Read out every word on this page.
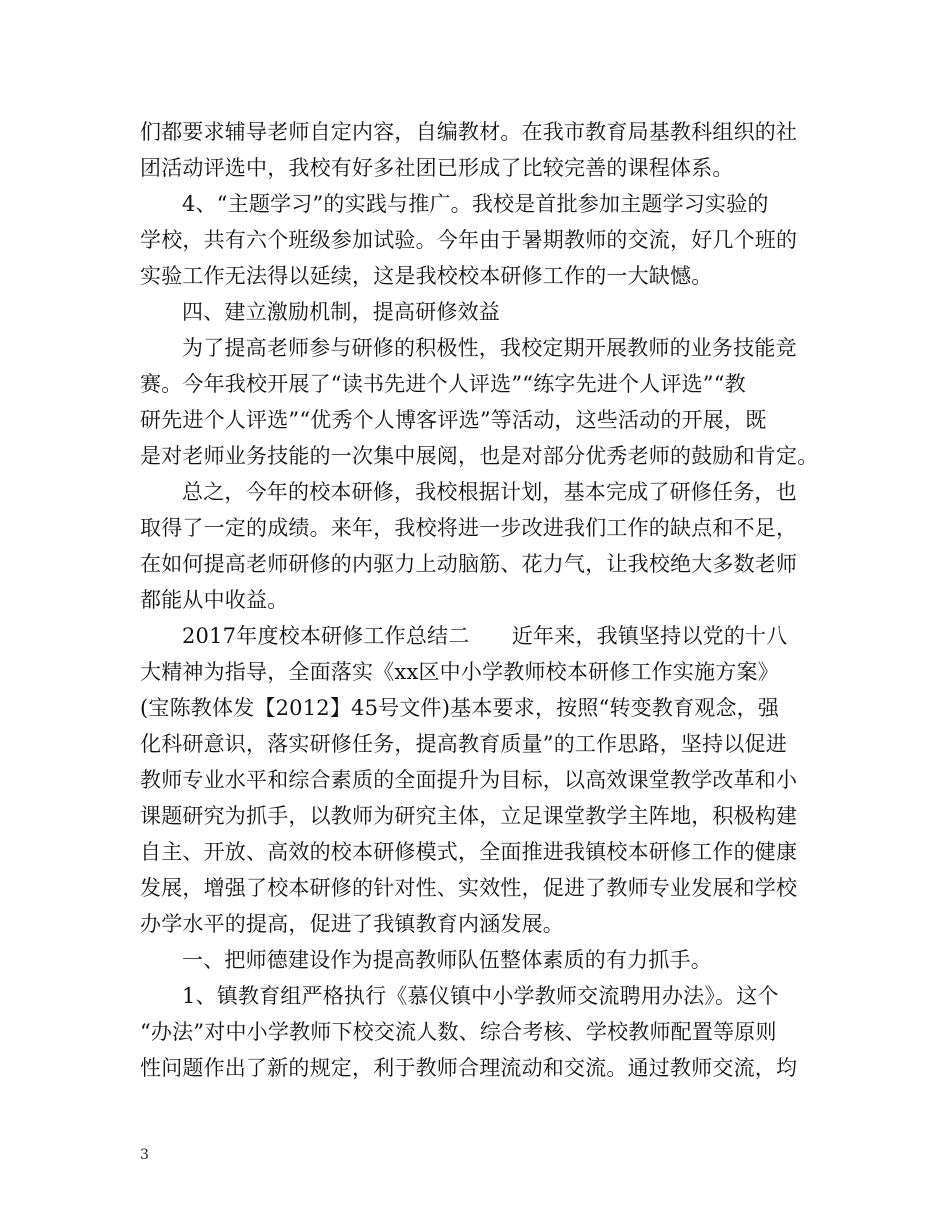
们都要求辅导老师自定内容，自编教材。在我市教育局基教科组织的社
团活动评选中，我校有好多社团已形成了比较完善的课程体系。
4、“主题学习”的实践与推广。我校是首批参加主题学习实验的
学校，共有六个班级参加试验。今年由于暑期教师的交流，好几个班的
实验工作无法得以延续，这是我校校本研修工作的一大缺憾。
四、建立激励机制，提高研修效益
为了提高老师参与研修的积极性，我校定期开展教师的业务技能竞
赛。今年我校开展了“读书先进个人评选”“练字先进个人评选”“教
研先进个人评选”“优秀个人博客评选”等活动，这些活动的开展，既
是对老师业务技能的一次集中展阅，也是对部分优秀老师的鼓励和肯定。
总之，今年的校本研修，我校根据计划，基本完成了研修任务，也
取得了一定的成绩。来年，我校将进一步改进我们工作的缺点和不足，
在如何提高老师研修的内驱力上动脑筋、花力气，让我校绝大多数老师
都能从中收益。
2017年度校本研修工作总结二　　近年来，我镇坚持以党的十八
大精神为指导，全面落实《xx区中小学教师校本研修工作实施方案》
(宝陈教体发【2012】45号文件)基本要求，按照“转变教育观念，强
化科研意识，落实研修任务，提高教育质量”的工作思路，坚持以促进
教师专业水平和综合素质的全面提升为目标，以高效课堂教学改革和小
课题研究为抓手，以教师为研究主体，立足课堂教学主阵地，积极构建
自主、开放、高效的校本研修模式，全面推进我镇校本研修工作的健康
发展，增强了校本研修的针对性、实效性，促进了教师专业发展和学校
办学水平的提高，促进了我镇教育内涵发展。
一、把师德建设作为提高教师队伍整体素质的有力抓手。
1、镇教育组严格执行《慕仪镇中小学教师交流聘用办法》。这个
“办法”对中小学教师下校交流人数、综合考核、学校教师配置等原则
性问题作出了新的规定，利于教师合理流动和交流。通过教师交流，均
3
